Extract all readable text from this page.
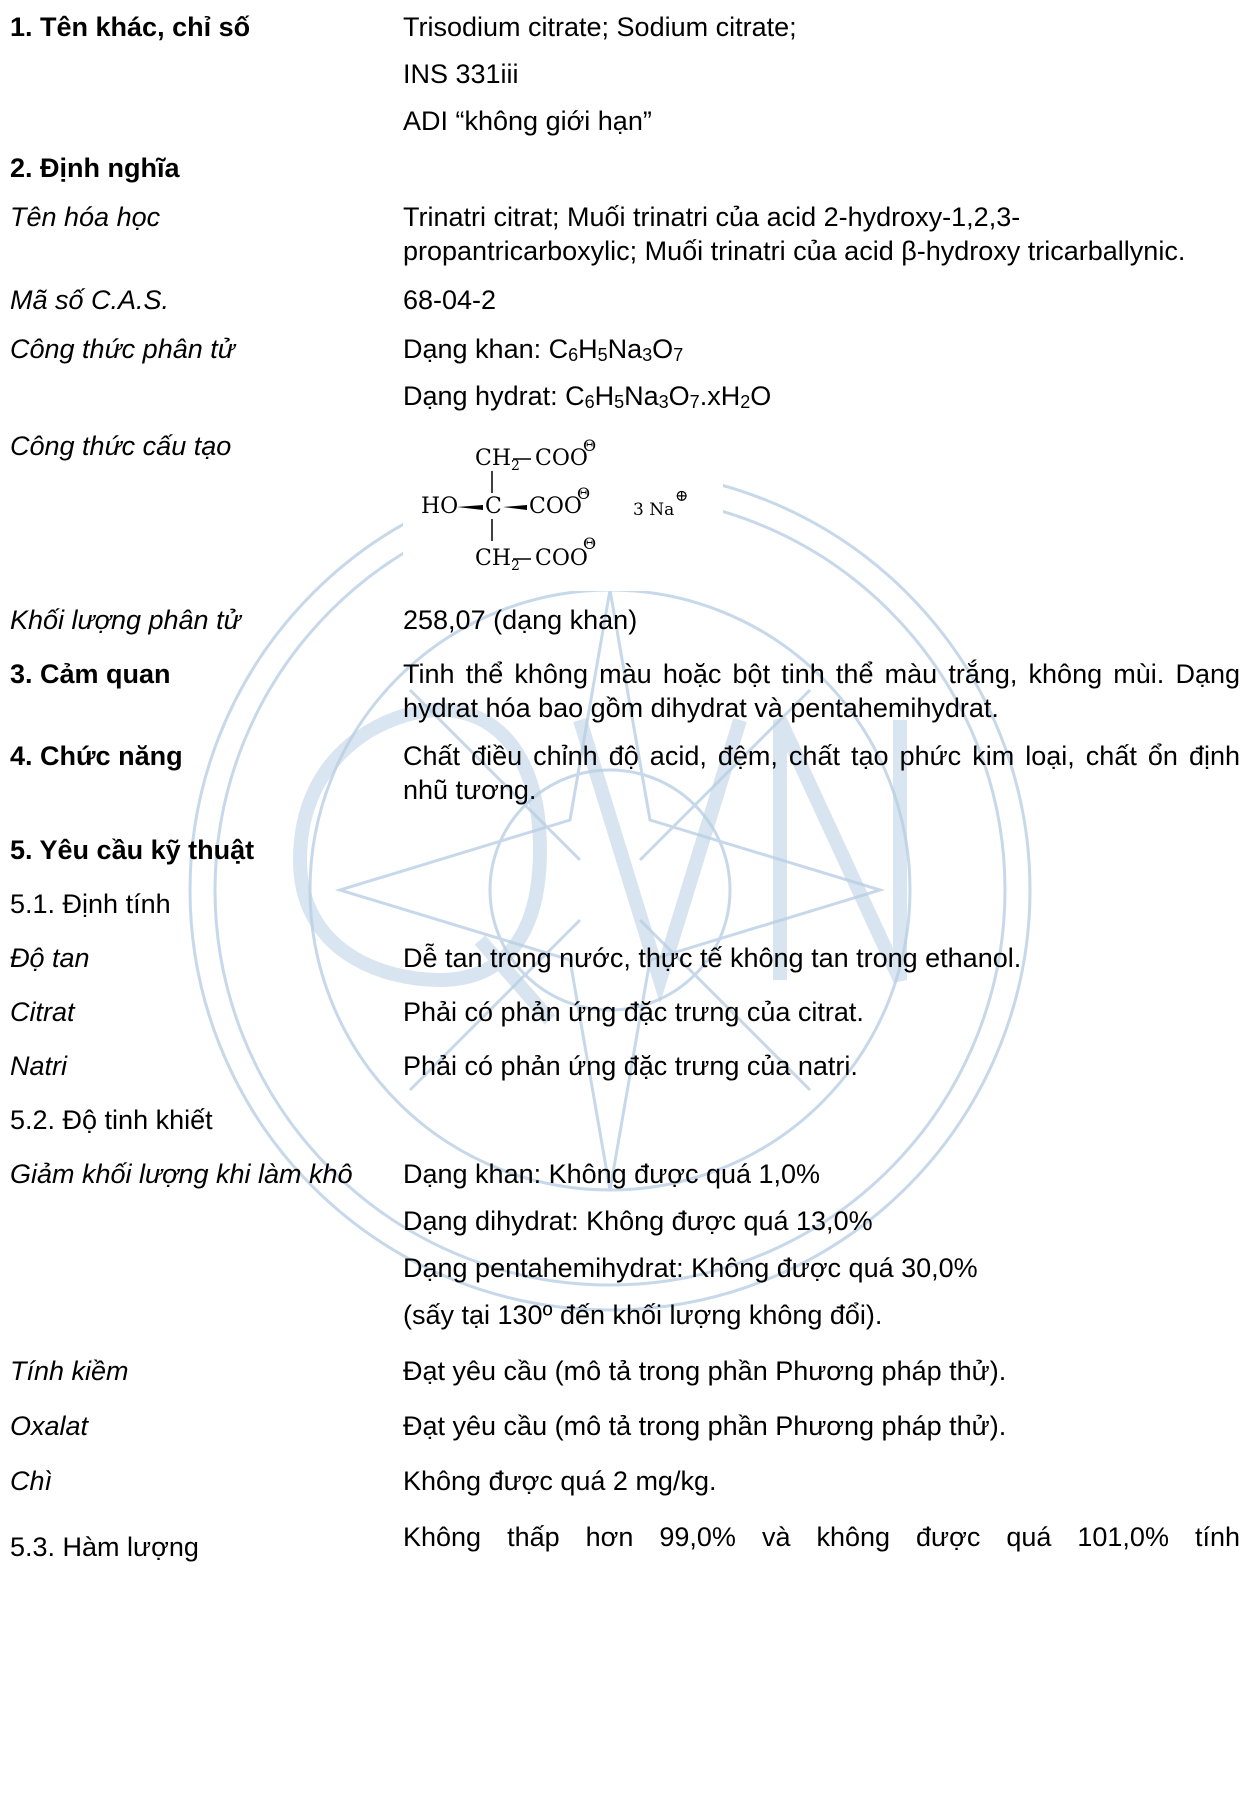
1. Tên khác, chỉ số	Trisodium citrate; Sodium citrate;

INS 331iii

ADI “không giới hạn”

2. Định nghĩa
Tên hóa học	Trinatri citrat; Muối trinatri của acid 2-hydroxy-1,2,3-propantricarboxylic; Muối trinatri của acid β-hydroxy tricarballynic.
Mã số C.A.S.	68-04-2
Công thức phân tử	Dạng khan: $C_6H_5Na_3O_7$

Dạng hydrat: $C_6H_5Na_3O_7.xH_2O$

Công thức cấu tạo	$CH_2$ COO
Θ
HO C COO
Θ
$CH_2$ COO
Θ
3 Na
⊕
Khối lượng phân tử	258,07 (dạng khan)
3. Cảm quan	Tinh thể không màu hoặc bột tinh thể màu trắng, không mùi. Dạng hydrat hóa bao gồm dihydrat và pentahemihydrat.
4. Chức năng	Chất điều chỉnh độ acid, đệm, chất tạo phức kim loại, chất ổn định nhũ tương.
5. Yêu cầu kỹ thuật
5.1. Định tính
Độ tan	Dễ tan trong nước, thực tế không tan trong ethanol.
Citrat	Phải có phản ứng đặc trưng của citrat.
Natri	Phải có phản ứng đặc trưng của natri.
5.2. Độ tinh khiết
Giảm khối lượng khi làm khô	Dạng khan: Không được quá 1,0%

Dạng dihydrat: Không được quá 13,0%

Dạng pentahemihydrat: Không được quá 30,0%

(sấy tại 130º đến khối lượng không đổi).

Tính kiềm	Đạt yêu cầu (mô tả trong phần Phương pháp thử).
Oxalat	Đạt yêu cầu (mô tả trong phần Phương pháp thử).
Chì	Không được quá 2 mg/kg.
5.3. Hàm lượng	Không thấp hơn 99,0% và không được quá 101,0% tính
